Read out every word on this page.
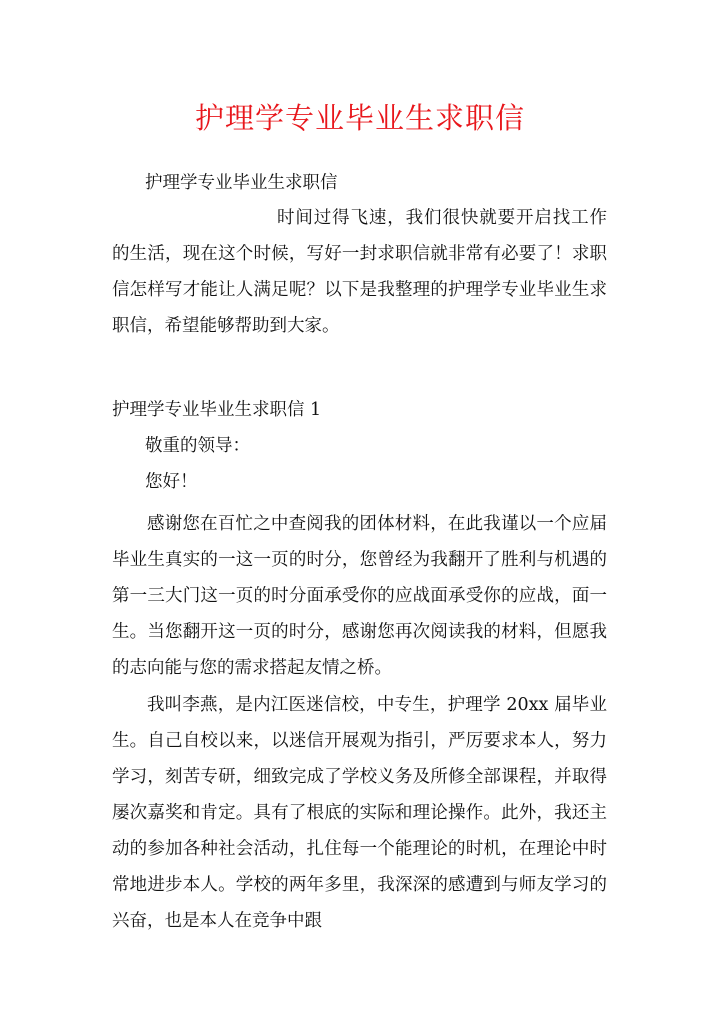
护理学专业毕业生求职信
护理学专业毕业生求职信
时间过得飞速，我们很快就要开启找工作的生活，现在这个时候，写好一封求职信就非常有必要了！求职信怎样写才能让人满足呢？以下是我整理的护理学专业毕业生求职信，希望能够帮助到大家。
护理学专业毕业生求职信 1
敬重的领导：
您好！
感谢您在百忙之中查阅我的团体材料，在此我谨以一个应届毕业生真实的一这一页的时分，您曾经为我翻开了胜利与机遇的第一三大门这一页的时分面承受你的应战面承受你的应战，面一生。当您翻开这一页的时分，感谢您再次阅读我的材料，但愿我的志向能与您的需求搭起友情之桥。
我叫李燕，是内江医迷信校，中专生，护理学 20xx 届毕业生。自己自校以来，以迷信开展观为指引，严厉要求本人，努力学习，刻苦专研，细致完成了学校义务及所修全部课程，并取得屡次嘉奖和肯定。具有了根底的实际和理论操作。此外，我还主动的参加各种社会活动，扎住每一个能理论的时机，在理论中时常地进步本人。学校的两年多里，我深深的感遭到与师友学习的兴奋，也是本人在竞争中跟
